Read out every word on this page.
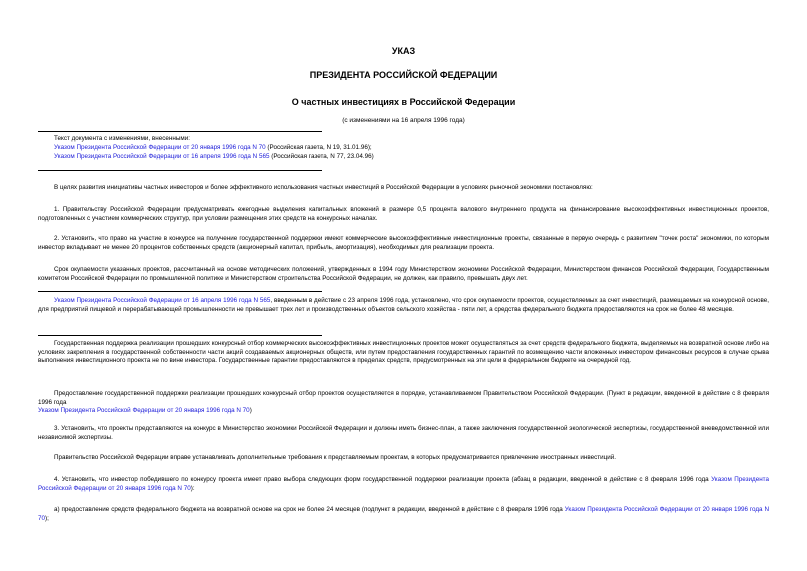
УКАЗ
ПРЕЗИДЕНТА РОССИЙСКОЙ ФЕДЕРАЦИИ
О частных инвестициях в Российской Федерации
(с изменениями на 16 апреля 1996 года)
Текст документа с изменениями, внесенными:
Указом Президента Российской Федерации от 20 января 1996 года N 70 (Российская газета, N 19, 31.01.96);
Указом Президента Российской Федерации от 16 апреля 1996 года N 565 (Российская газета, N 77, 23.04.96)
В целях развития инициативы частных инвесторов и более эффективного использования частных инвестиций в Российской Федерации в условиях рыночной экономики постановляю:
1. Правительству Российской Федерации предусматривать ежегодные выделения капитальных вложений в размере 0,5 процента валового внутреннего продукта на финансирование высокоэффективных инвестиционных проектов, подготовленных с участием коммерческих структур, при условии размещения этих средств на конкурсных началах.
2. Установить, что право на участие в конкурсе на получение государственной поддержки имеют коммерческие высокоэффективные инвестиционные проекты, связанные в первую очередь с развитием "точек роста" экономики, по которым инвестор вкладывает не менее 20 процентов собственных средств (акционерный капитал, прибыль, амортизация), необходимых для реализации проекта.
Срок окупаемости указанных проектов, рассчитанный на основе методических положений, утвержденных в 1994 году Министерством экономики Российской Федерации, Министерством финансов Российской Федерации, Государственным комитетом Российской Федерации по промышленной политике и Министерством строительства Российской Федерации, не должен, как правило, превышать двух лет.
Указом Президента Российской Федерации от 16 апреля 1996 года N 565, введенным в действие с 23 апреля 1996 года, установлено, что срок окупаемости проектов, осуществляемых за счет инвестиций, размещаемых на конкурсной основе, для предприятий пищевой и перерабатывающей промышленности не превышает трех лет и производственных объектов сельского хозяйства - пяти лет, а средства федерального бюджета предоставляются на срок не более 48 месяцев.
Государственная поддержка реализации прошедших конкурсный отбор коммерческих высокоэффективных инвестиционных проектов может осуществляться за счет средств федерального бюджета, выделяемых на возвратной основе либо на условиях закрепления в государственной собственности части акций создаваемых акционерных обществ, или путем предоставления государственных гарантий по возмещению части вложенных инвестором финансовых ресурсов в случае срыва выполнения инвестиционного проекта не по вине инвестора. Государственные гарантии предоставляются в пределах средств, предусмотренных на эти цели в федеральном бюджете на очередной год.
Предоставление государственной поддержки реализации прошедших конкурсный отбор проектов осуществляется в порядке, устанавливаемом Правительством Российской Федерации. (Пункт в редакции, введенной в действие с 8 февраля 1996 года
Указом Президента Российской Федерации от 20 января 1996 года N 70)
3. Установить, что проекты представляются на конкурс в Министерство экономики Российской Федерации и должны иметь бизнес-план, а также заключения государственной экологической экспертизы, государственной вневедомственной или независимой экспертизы.
Правительство Российской Федерации вправе устанавливать дополнительные требования к представляемым проектам, в которых предусматривается привлечение иностранных инвестиций.
4. Установить, что инвестор победившего по конкурсу проекта имеет право выбора следующих форм государственной поддержки реализации проекта (абзац в редакции, введенной в действие с 8 февраля 1996 года Указом Президента Российской Федерации от 20 января 1996 года N 70):
а) предоставление средств федерального бюджета на возвратной основе на срок не более 24 месяцев (подпункт в редакции, введенной в действие с 8 февраля 1996 года Указом Президента Российской Федерации от 20 января 1996 года N 70);
